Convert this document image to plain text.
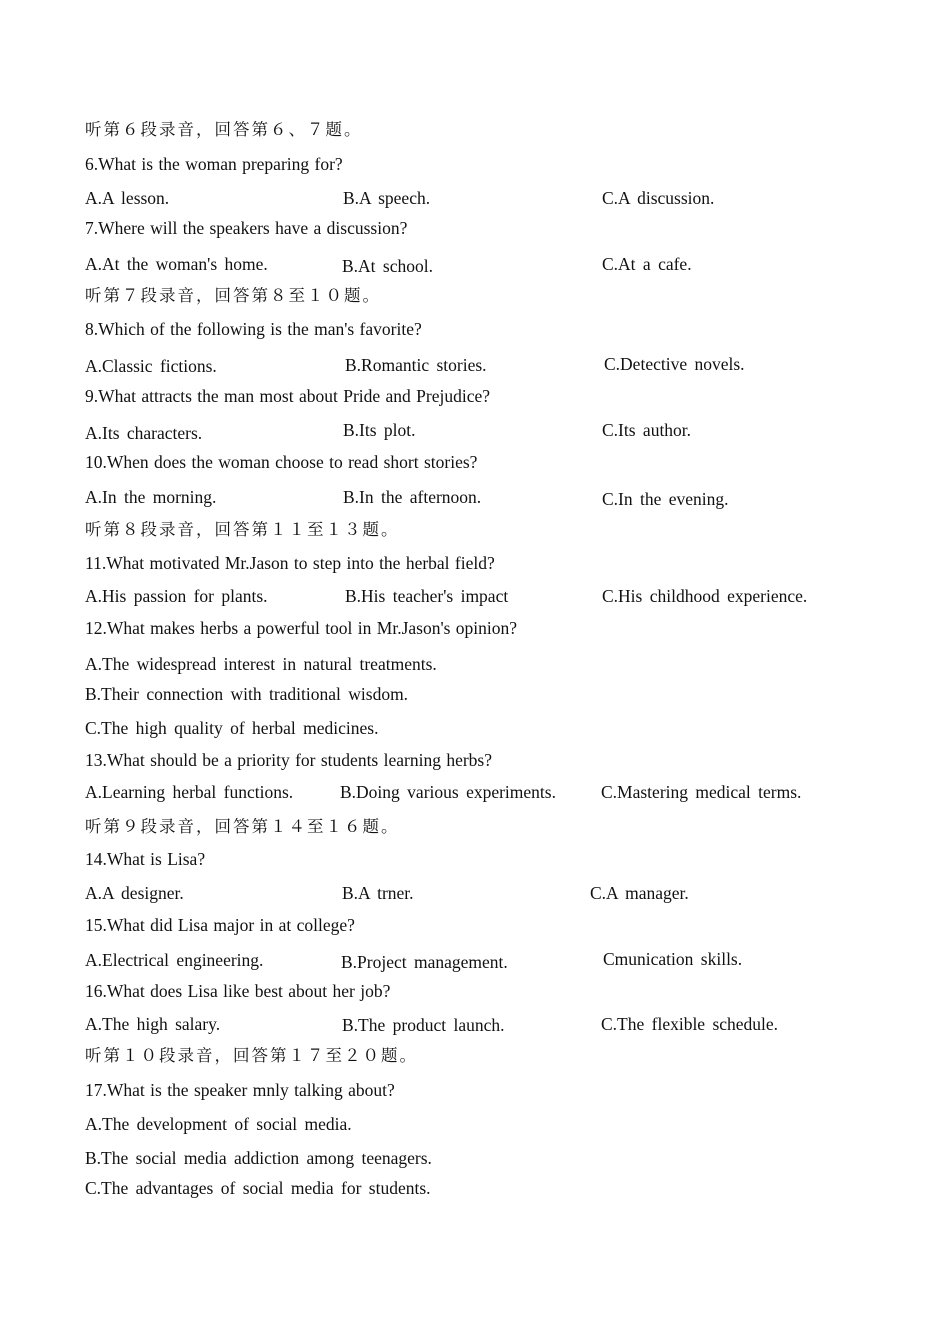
听第６段录音，回答第６、７题。
6.What is the woman preparing for?
A.A lesson.	B.A speech.	C.A discussion.
7.Where will the speakers have a discussion?
A.At the woman's home.	B.At school.	C.At a cafe.
听第７段录音，回答第８至１０题。
8.Which of the following is the man's favorite?
A.Classic fictions.	B.Romantic stories.	C.Detective novels.
9.What attracts the man most about Pride and Prejudice?
A.Its characters.	B.Its plot.	C.Its author.
10.When does the woman choose to read short stories?
A.In the morning.	B.In the afternoon.	C.In the evening.
听第８段录音，回答第１１至１３题。
11.What motivated Mr.Jason to step into the herbal field?
A.His passion for plants.	B.His teacher's impact	C.His childhood experience.
12.What makes herbs a powerful tool in Mr.Jason's opinion?
A.The widespread interest in natural treatments.
B.Their connection with traditional wisdom.
C.The high quality of herbal medicines.
13.What should be a priority for students learning herbs?
A.Learning herbal functions.	B.Doing various experiments.	C.Mastering medical terms.
听第９段录音，回答第１４至１６题。
14.What is Lisa?
A.A designer.	B.A trner.	C.A manager.
15.What did Lisa major in at college?
A.Electrical engineering.	B.Project management.	Cmunication skills.
16.What does Lisa like best about her job?
A.The high salary.	B.The product launch.	C.The flexible schedule.
听第１０段录音，回答第１７至２０题。
17.What is the speaker mnly talking about?
A.The development of social media.
B.The social media addiction among teenagers.
C.The advantages of social media for students.
